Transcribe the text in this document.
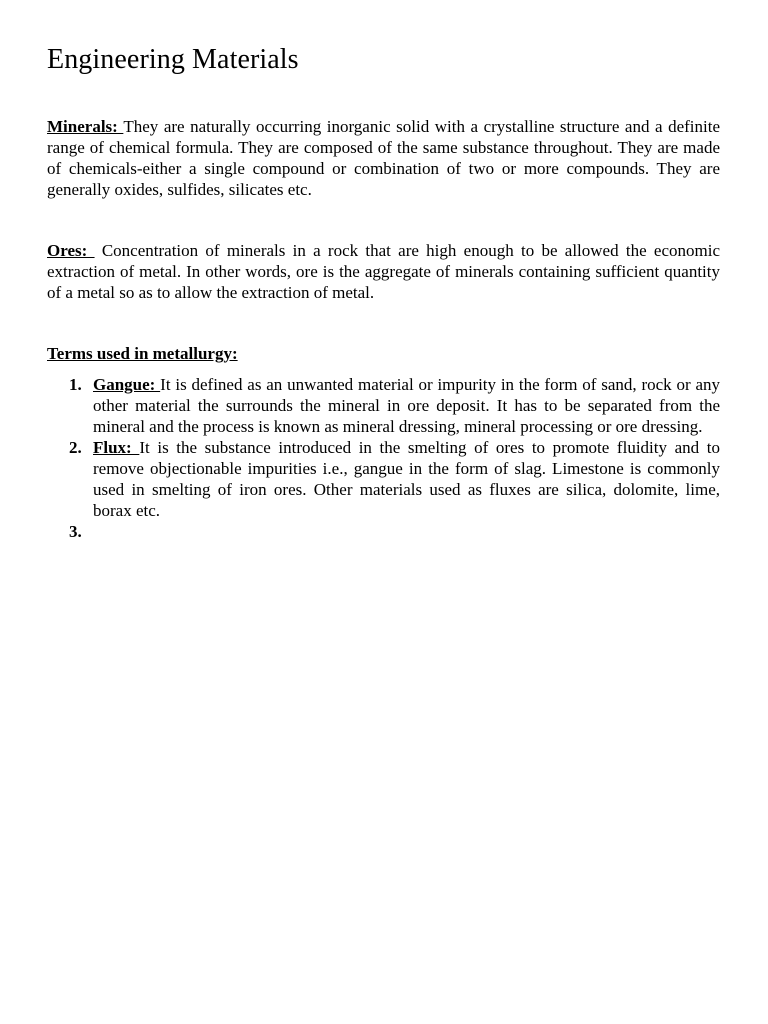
Engineering Materials

Minerals: They are naturally occurring inorganic solid with a crystalline structure and a definite range of chemical formula. They are composed of the same substance throughout. They are made of chemicals-either a single compound or combination of two or more compounds. They are generally oxides, sulfides, silicates etc.

Ores:  Concentration of minerals in a rock that are high enough to be allowed the economic extraction of metal. In other words, ore is the aggregate of minerals containing sufficient quantity of a metal so as to allow the extraction of metal.

Terms used in metallurgy:
1. Gangue: It is defined as an unwanted material or impurity in the form of sand, rock or any other material the surrounds the mineral in ore deposit. It has to be separated from the mineral and the process is known as mineral dressing, mineral processing or ore dressing.
2. Flux: It is the substance introduced in the smelting of ores to promote fluidity and to remove objectionable impurities i.e., gangue in the form of slag. Limestone is commonly used in smelting of iron ores. Other materials used as fluxes are silica, dolomite, lime, borax etc.
3.
